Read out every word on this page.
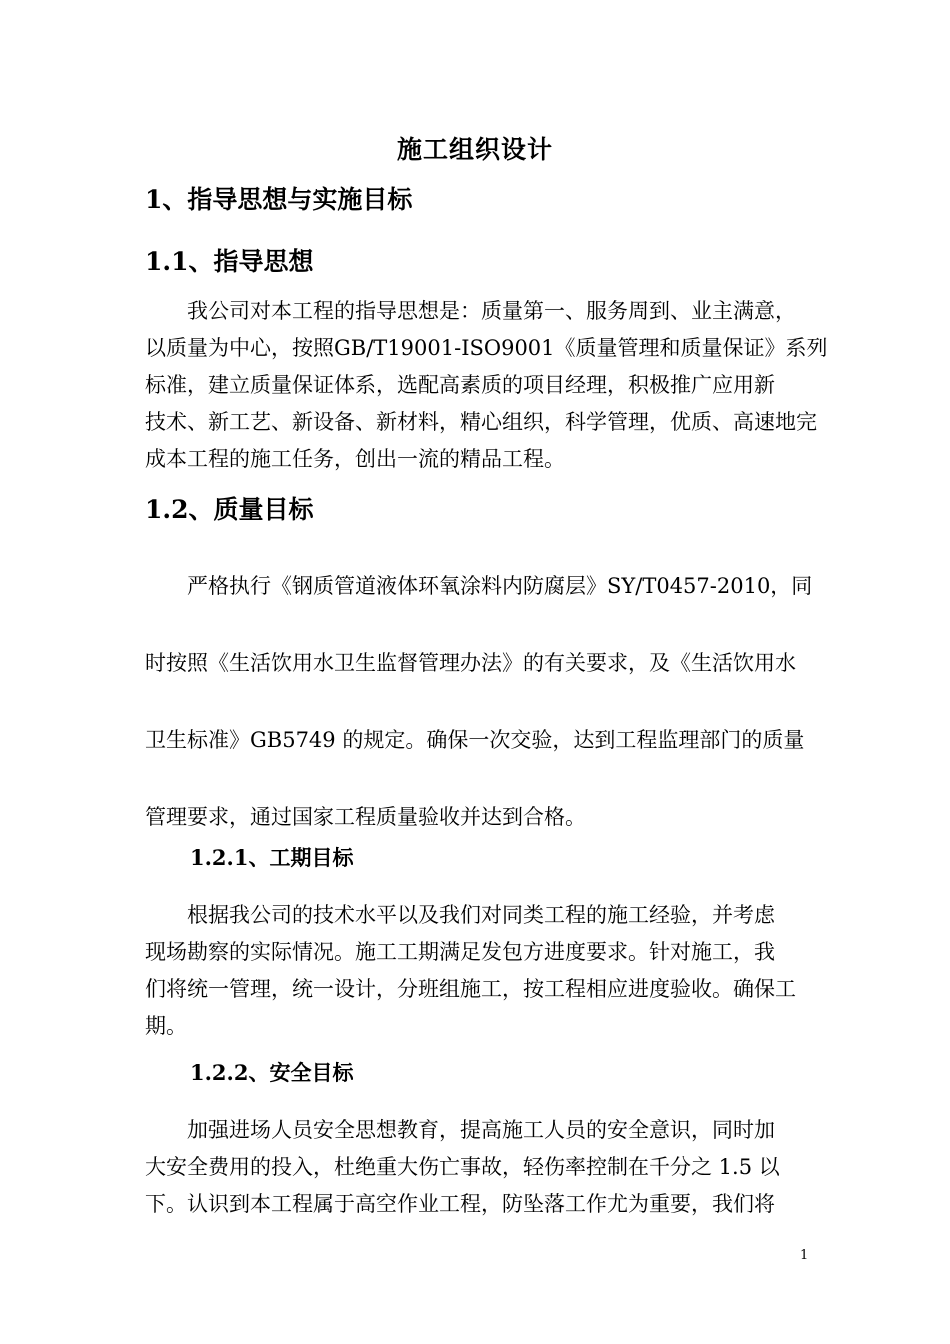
施工组织设计
1、指导思想与实施目标
1.1、指导思想
我公司对本工程的指导思想是：质量第一、服务周到、业主满意，
以质量为中心，按照GB/T19001-ISO9001《质量管理和质量保证》系列
标准，建立质量保证体系，选配高素质的项目经理，积极推广应用新
技术、新工艺、新设备、新材料，精心组织，科学管理，优质、高速地完
成本工程的施工任务，创出一流的精品工程。
1.2、质量目标
严格执行《钢质管道液体环氧涂料内防腐层》SY/T0457-2010，同
时按照《生活饮用水卫生监督管理办法》的有关要求，及《生活饮用水
卫生标准》GB5749 的规定。确保一次交验，达到工程监理部门的质量
管理要求，通过国家工程质量验收并达到合格。
1.2.1、工期目标
根据我公司的技术水平以及我们对同类工程的施工经验，并考虑
现场勘察的实际情况。施工工期满足发包方进度要求。针对施工，我
们将统一管理，统一设计，分班组施工，按工程相应进度验收。确保工
期。
1.2.2、安全目标
加强进场人员安全思想教育，提高施工人员的安全意识，同时加
大安全费用的投入，杜绝重大伤亡事故，轻伤率控制在千分之 1.5 以
下。认识到本工程属于高空作业工程，防坠落工作尤为重要，我们将
1
